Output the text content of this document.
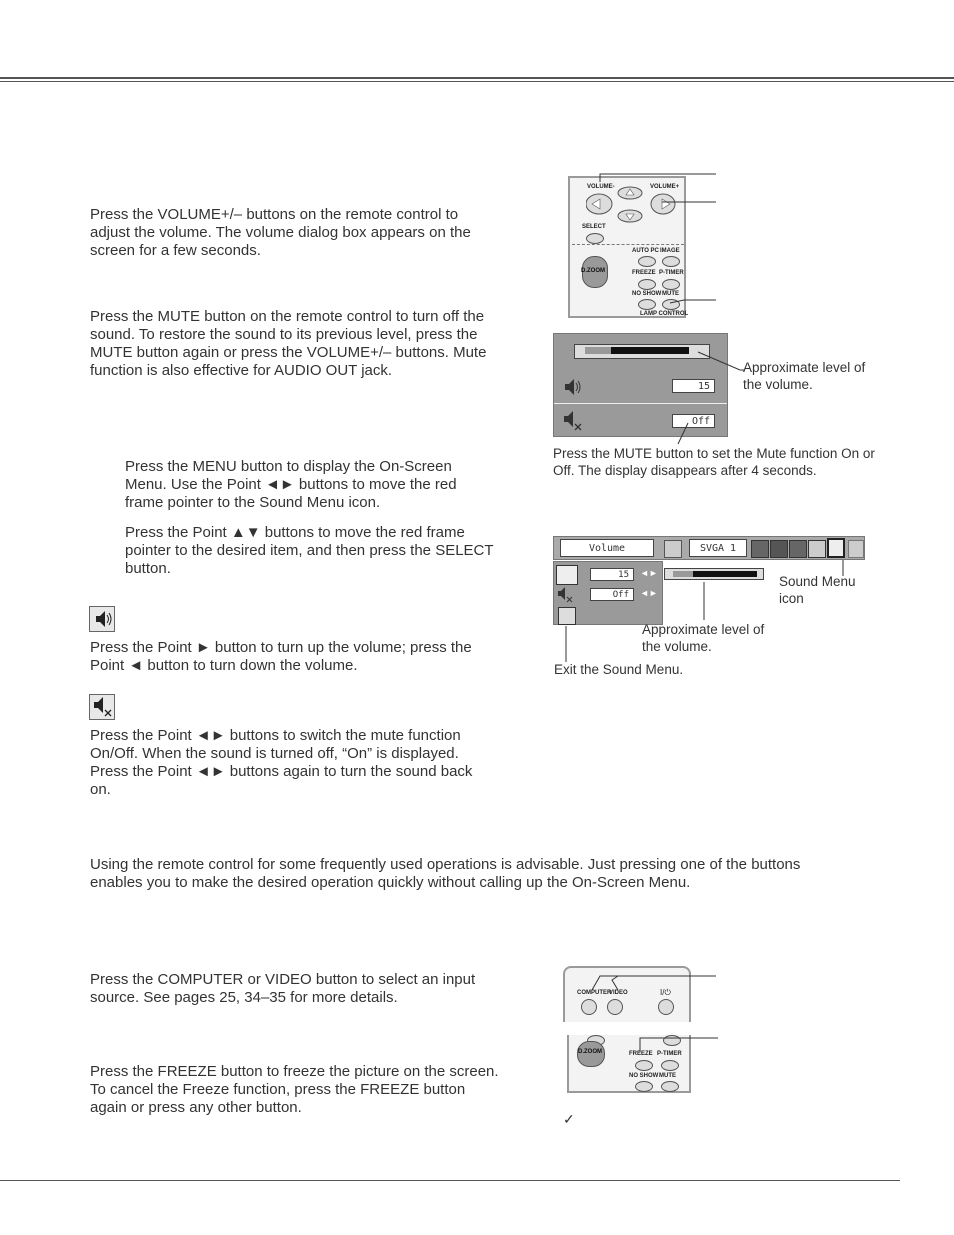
Press the VOLUME+/– buttons on the remote control to adjust the volume. The volume dialog box appears on the screen for a few seconds.
Press the MUTE button on the remote control to turn off the sound. To restore the sound to its previous level, press the MUTE button again or press the VOLUME+/– buttons. Mute function is also effective for AUDIO OUT jack.
Press the MENU button to display the On-Screen Menu. Use the Point ◄► buttons to move the red frame pointer to the Sound Menu icon.
Press the Point ▲▼ buttons to move the red frame pointer to the desired item, and then press the SELECT button.
Press the Point ► button to turn up the volume; press the Point ◄ button to turn down the volume.
Press the Point ◄► buttons to switch the mute function On/Off. When the sound is turned off, “On” is displayed. Press the Point ◄► buttons again to turn the sound back on.
Using the remote control for some frequently used operations is advisable. Just pressing one of the buttons enables you to make the desired operation quickly without calling up the On-Screen Menu.
Press the COMPUTER or VIDEO button to select an input source. See pages 25, 34–35 for more details.
Press the FREEZE button to freeze the picture on the screen. To cancel the Freeze function, press the FREEZE button again or press any other button.
VOLUME-	VOLUME+
SELECT
AUTO PC IMAGE
D.ZOOM	FREEZE P-TIMER
NO SHOW MUTE
LAMP CONTROL
15
Off
Approximate level of the volume.
Press the MUTE button to set the Mute function On or Off. The display disappears after 4 seconds.
Volume	SVGA 1
15	◄►
Off	◄►
Sound Menu icon
Approximate level of the volume.
Exit the Sound Menu.
COMPUTER
VIDEO	I/⏻
D.ZOOM	FREEZE P-TIMER
NO SHOW MUTE
✓
